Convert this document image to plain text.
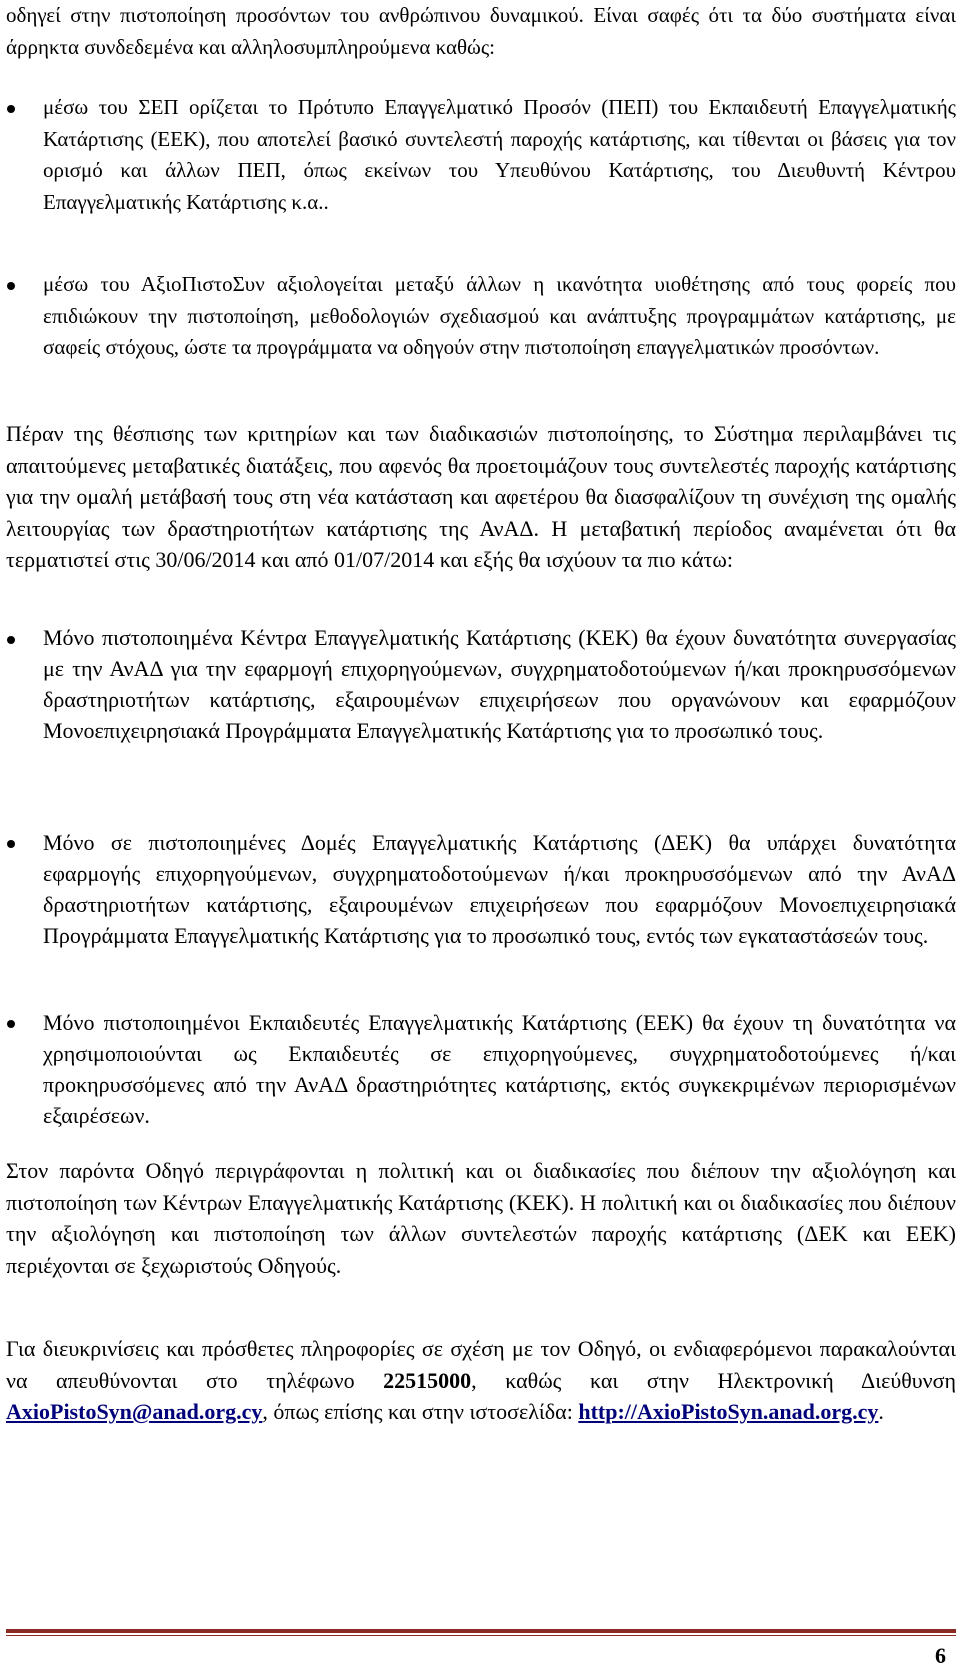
οδηγεί στην πιστοποίηση προσόντων του ανθρώπινου δυναμικού. Είναι σαφές ότι τα δύο συστήματα είναι άρρηκτα συνδεδεμένα και αλληλοσυμπληρούμενα καθώς:

μέσω του ΣΕΠ ορίζεται το Πρότυπο Επαγγελματικό Προσόν (ΠΕΠ) του Εκπαιδευτή Επαγγελματικής Κατάρτισης (ΕΕΚ), που αποτελεί βασικό συντελεστή παροχής κατάρτισης, και τίθενται οι βάσεις για τον ορισμό και άλλων ΠΕΠ, όπως εκείνων του Υπευθύνου Κατάρτισης, του Διευθυντή Κέντρου Επαγγελματικής Κατάρτισης κ.α..

μέσω του ΑξιοΠιστοΣυν αξιολογείται μεταξύ άλλων η ικανότητα υιοθέτησης από τους φορείς που επιδιώκουν την πιστοποίηση, μεθοδολογιών σχεδιασμού και ανάπτυξης προγραμμάτων κατάρτισης, με σαφείς στόχους, ώστε τα προγράμματα να οδηγούν στην πιστοποίηση επαγγελματικών προσόντων.

Πέραν της θέσπισης των κριτηρίων και των διαδικασιών πιστοποίησης, το Σύστημα περιλαμβάνει τις απαιτούμενες μεταβατικές διατάξεις, που αφενός θα προετοιμάζουν τους συντελεστές παροχής κατάρτισης για την ομαλή μετάβασή τους στη νέα κατάσταση και αφετέρου θα διασφαλίζουν τη συνέχιση της ομαλής λειτουργίας των δραστηριοτήτων κατάρτισης της ΑνΑΔ. Η μεταβατική περίοδος αναμένεται ότι θα τερματιστεί στις 30/06/2014 και από 01/07/2014 και εξής θα ισχύουν τα πιο κάτω:

Μόνο πιστοποιημένα Κέντρα Επαγγελματικής Κατάρτισης (ΚΕΚ) θα έχουν δυνατότητα συνεργασίας με την ΑνΑΔ για την εφαρμογή επιχορηγούμενων, συγχρηματοδοτούμενων ή/και προκηρυσσόμενων δραστηριοτήτων κατάρτισης, εξαιρουμένων επιχειρήσεων που οργανώνουν και εφαρμόζουν Μονοεπιχειρησιακά Προγράμματα Επαγγελματικής Κατάρτισης για το προσωπικό τους.

Μόνο σε πιστοποιημένες Δομές Επαγγελματικής Κατάρτισης (ΔΕΚ) θα υπάρχει δυνατότητα εφαρμογής επιχορηγούμενων, συγχρηματοδοτούμενων ή/και προκηρυσσόμενων από την ΑνΑΔ δραστηριοτήτων κατάρτισης, εξαιρουμένων επιχειρήσεων που εφαρμόζουν Μονοεπιχειρησιακά Προγράμματα Επαγγελματικής Κατάρτισης για το προσωπικό τους, εντός των εγκαταστάσεών τους.

Μόνο πιστοποιημένοι Εκπαιδευτές Επαγγελματικής Κατάρτισης (ΕΕΚ) θα έχουν τη δυνατότητα να χρησιμοποιούνται ως Εκπαιδευτές σε επιχορηγούμενες, συγχρηματοδοτούμενες ή/και προκηρυσσόμενες από την ΑνΑΔ δραστηριότητες κατάρτισης, εκτός συγκεκριμένων περιορισμένων εξαιρέσεων.

Στον παρόντα Οδηγό περιγράφονται η πολιτική και οι διαδικασίες που διέπουν την αξιολόγηση και πιστοποίηση των Κέντρων Επαγγελματικής Κατάρτισης (ΚΕΚ). Η πολιτική και οι διαδικασίες που διέπουν την αξιολόγηση και πιστοποίηση των άλλων συντελεστών παροχής κατάρτισης (ΔΕΚ και ΕΕΚ) περιέχονται σε ξεχωριστούς Οδηγούς.

Για διευκρινίσεις και πρόσθετες πληροφορίες σε σχέση με τον Οδηγό, οι ενδιαφερόμενοι παρακαλούνται να απευθύνονται στο τηλέφωνο 22515000, καθώς και στην Ηλεκτρονική Διεύθυνση AxioPistoSyn@anad.org.cy, όπως επίσης και στην ιστοσελίδα: http://AxioPistoSyn.anad.org.cy.

6
